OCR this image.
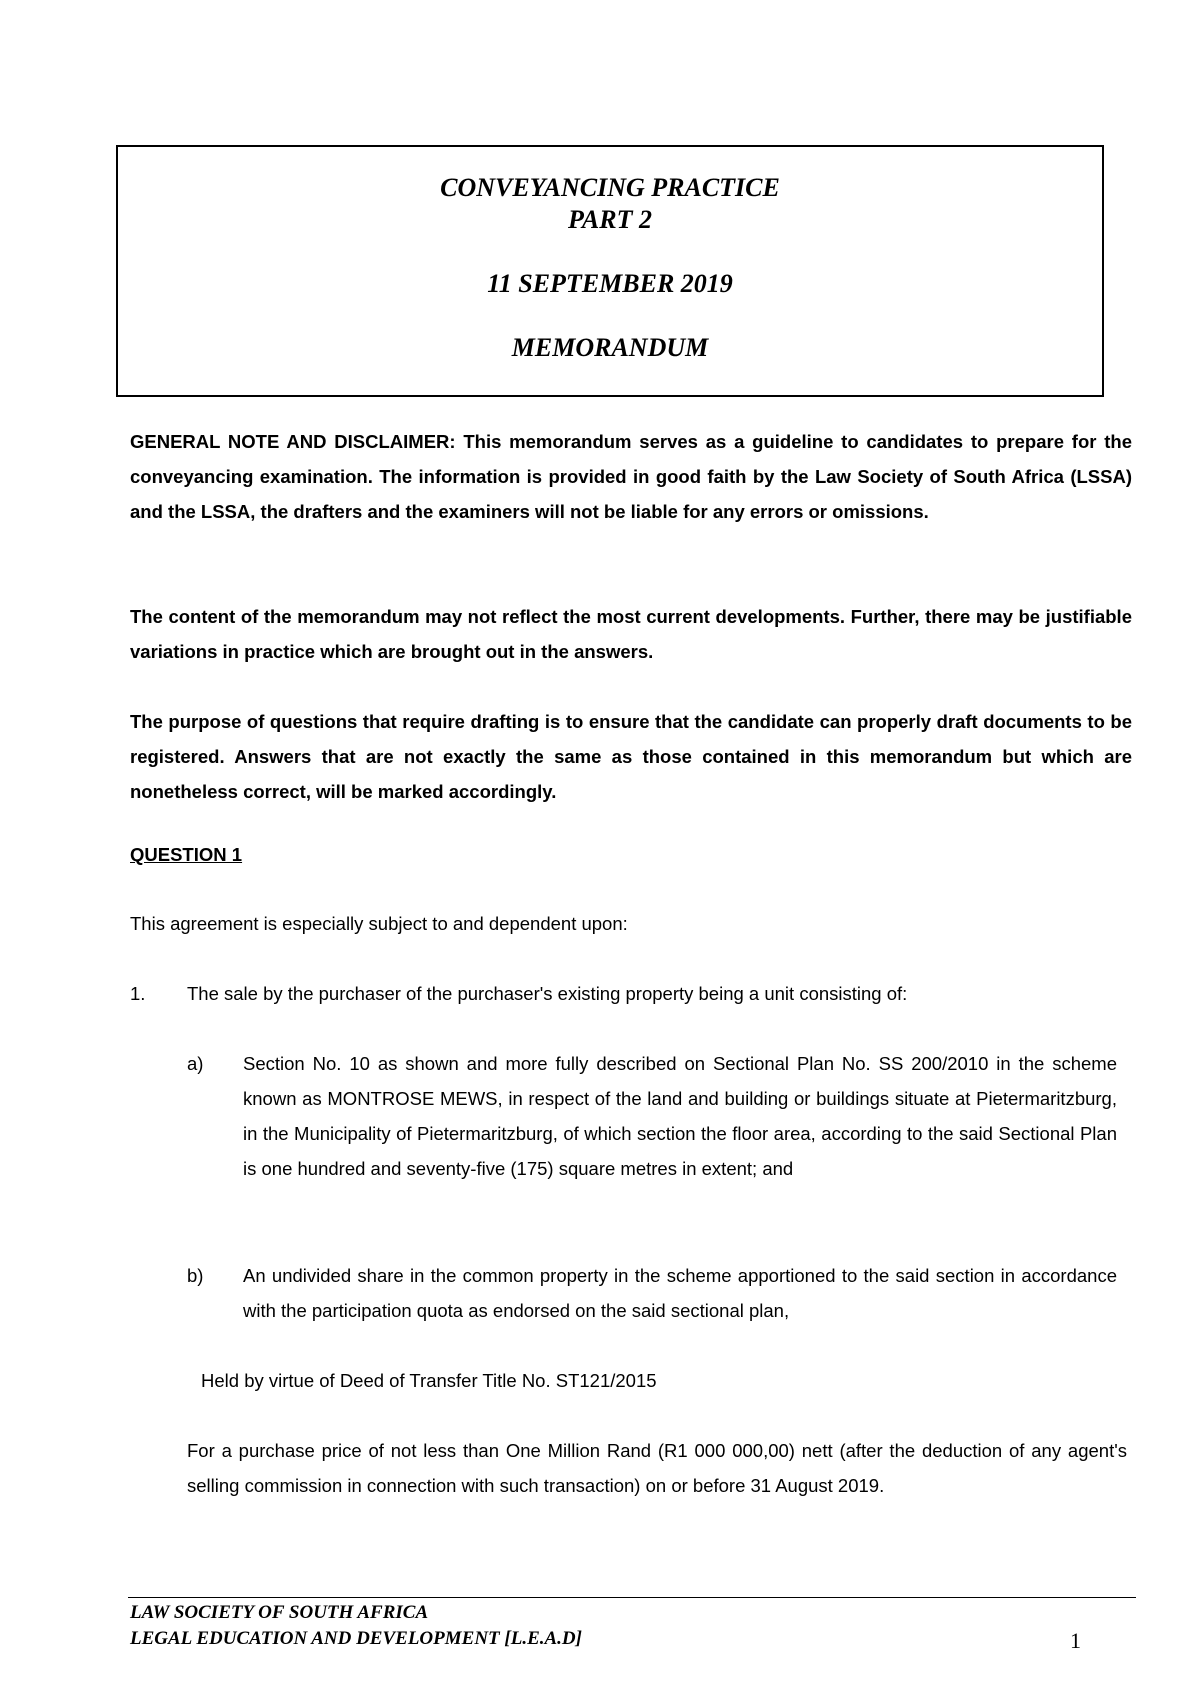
CONVEYANCING PRACTICE
PART 2
11 SEPTEMBER 2019
MEMORANDUM
GENERAL NOTE AND DISCLAIMER: This memorandum serves as a guideline to candidates to prepare for the conveyancing examination. The information is provided in good faith by the Law Society of South Africa (LSSA) and the LSSA, the drafters and the examiners will not be liable for any errors or omissions.
The content of the memorandum may not reflect the most current developments. Further, there may be justifiable variations in practice which are brought out in the answers.
The purpose of questions that require drafting is to ensure that the candidate can properly draft documents to be registered. Answers that are not exactly the same as those contained in this memorandum but which are nonetheless correct, will be marked accordingly.
QUESTION 1
This agreement is especially subject to and dependent upon:
1. The sale by the purchaser of the purchaser's existing property being a unit consisting of:
a) Section No. 10 as shown and more fully described on Sectional Plan No. SS 200/2010 in the scheme known as MONTROSE MEWS, in respect of the land and building or buildings situate at Pietermaritzburg, in the Municipality of Pietermaritzburg, of which section the floor area, according to the said Sectional Plan is one hundred and seventy-five (175) square metres in extent; and
b) An undivided share in the common property in the scheme apportioned to the said section in accordance with the participation quota as endorsed on the said sectional plan,
Held by virtue of Deed of Transfer Title No. ST121/2015
For a purchase price of not less than One Million Rand (R1 000 000,00) nett (after the deduction of any agent's selling commission in connection with such transaction) on or before 31 August 2019.
LAW SOCIETY OF SOUTH AFRICA
LEGAL EDUCATION AND DEVELOPMENT [L.E.A.D]	1
